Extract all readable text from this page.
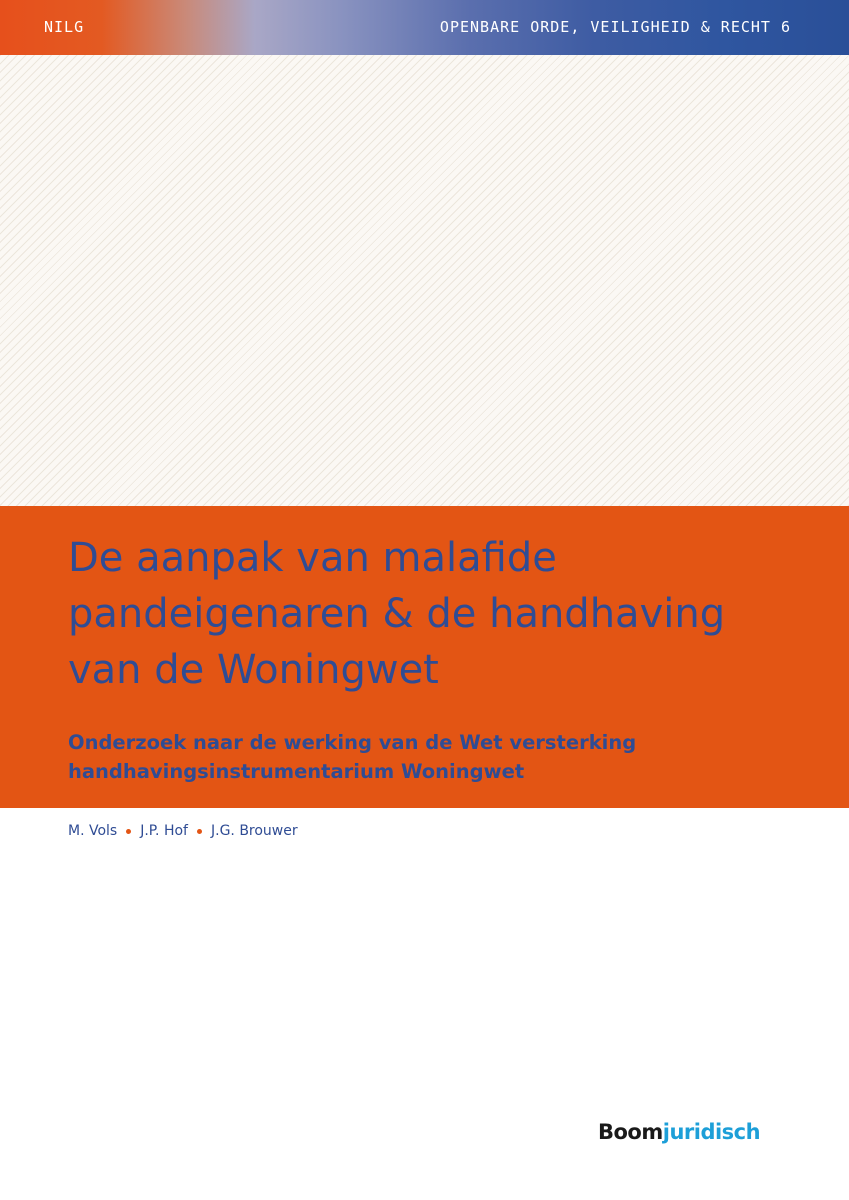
NILG	OPENBARE ORDE, VEILIGHEID & RECHT 6
De aanpak van malafide
pandeigenaren & de handhaving
van de Woningwet

Onderzoek naar de werking van de Wet versterking
handhavingsinstrumentarium Woningwet

M. Vols J.P. Hof J.G. Brouwer
Boomjuridisch
